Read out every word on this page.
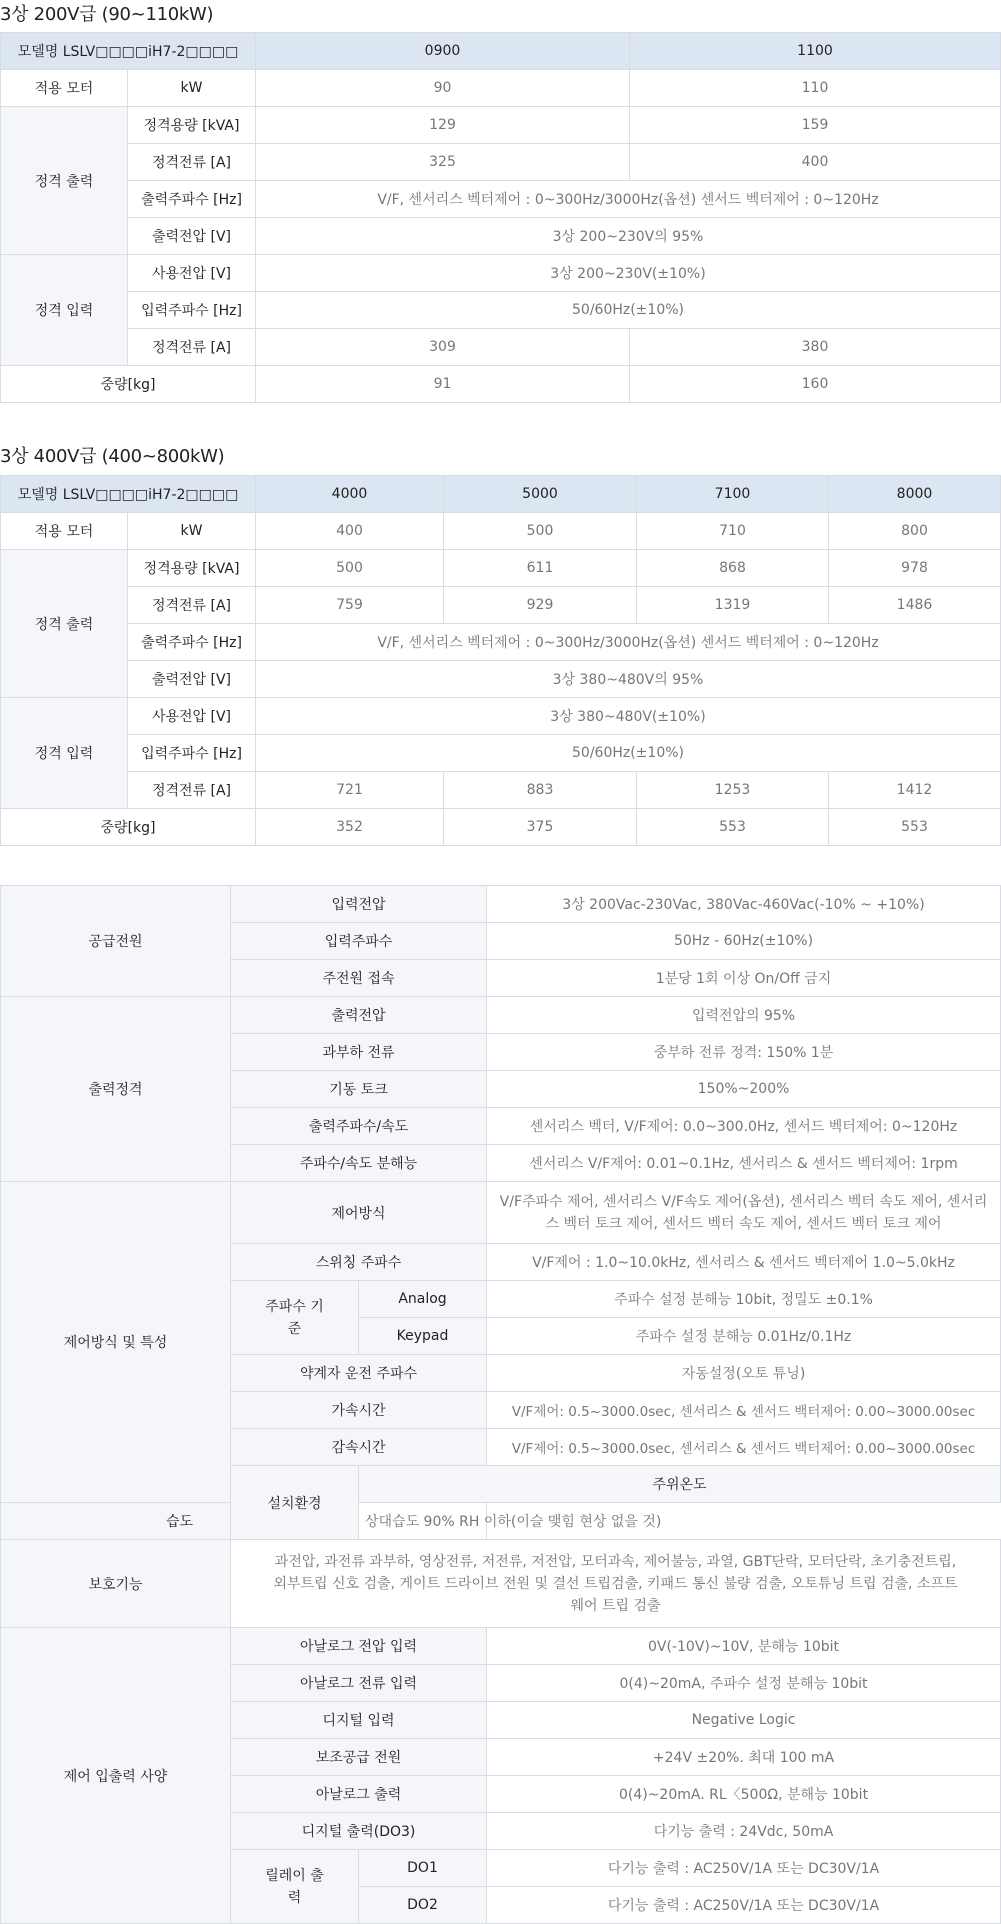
3상 200V급 (90~110kW)
모델명 LSLV□□□□iH7-2□□□□		0900	1100
적용 모터	kW	90	110
정격 출력	정격용량 [kVA]	129	159
	정격전류 [A]	325	400
	출력주파수 [Hz]	V/F, 센서리스 벡터제어 : 0~300Hz/3000Hz(옵션) 센서드 벡터제어 : 0~120Hz	
	출력전압 [V]	3상 200~230V의 95%	
정격 입력	사용전압 [V]	3상 200~230V(±10%)	
	입력주파수 [Hz]	50/60Hz(±10%)	
	정격전류 [A]	309	380
중량[kg]		91	160
3상 400V급 (400~800kW)
모델명 LSLV□□□□iH7-2□□□□		4000	5000	7100	8000
적용 모터	kW	400	500	710	800
정격 출력	정격용량 [kVA]	500	611	868	978
	정격전류 [A]	759	929	1319	1486
	출력주파수 [Hz]	V/F, 센서리스 벡터제어 : 0~300Hz/3000Hz(옵션) 센서드 벡터제어 : 0~120Hz			
	출력전압 [V]	3상 380~480V의 95%			
정격 입력	사용전압 [V]	3상 380~480V(±10%)			
	입력주파수 [Hz]	50/60Hz(±10%)			
	정격전류 [A]	721	883	1253	1412
중량[kg]		352	375	553	553
공급전원	입력전압		3상 200Vac-230Vac, 380Vac-460Vac(-10% ~ +10%)	
	입력주파수		50Hz - 60Hz(±10%)	
	주전원 접속		1분당 1회 이상 On/Off 금지	
출력정격	출력전압		입력전압의 95%	
	과부하 전류		중부하 전류 정격: 150% 1분	
	기동 토크		150%~200%	
	출력주파수/속도		센서리스 벡터, V/F제어: 0.0~300.0Hz, 센서드 벡터제어: 0~120Hz	
	주파수/속도 분해능		센서리스 V/F제어: 0.01~0.1Hz, 센서리스 & 센서드 벡터제어: 1rpm	
제어방식 및 특성	제어방식		V/F주파수 제어, 센서리스 V/F속도 제어(옵션), 센서리스 벡터 속도 제어, 센서리스 벡터 토크 제어, 센서드 벡터 속도 제어, 센서드 벡터 토크 제어	
	스위칭 주파수		V/F제어 : 1.0~10.0kHz, 센서리스 & 센서드 벡터제어 1.0~5.0kHz	
	주파수 기준	Analog	주파수 설정 분해능 10bit, 정밀도 ±0.1%	
		Keypad	주파수 설정 분해능 0.01Hz/0.1Hz	
	약계자 운전 주파수		자동설정(오토 튜닝)	
	가속시간		V/F제어: 0.5~3000.0sec, 센서리스 & 센서드 백터제어: 0.00~3000.00sec	
	감속시간		V/F제어: 0.5~3000.0sec, 센서리스 & 센서드 백터제어: 0.00~3000.00sec	
	설치환경	주위온도	
습도		상대습도 90% RH 이하(이슬 맺힘 현상 없을 것)		
보호기능	과전압, 과전류 과부하, 영상전류, 저전류, 저전압, 모터과속, 제어불능, 과열, GBT단락, 모터단락, 초기충전트립, 외부트립 신호 검출, 게이트 드라이브 전원 및 결선 트립검출, 키패드 통신 불량 검출, 오토튜닝 트립 검출, 소프트웨어 트립 검출			
제어 입출력 사양	아날로그 전압 입력		0V(-10V)~10V, 분해능 10bit	
	아날로그 전류 입력		0(4)~20mA, 주파수 설정 분해능 10bit	
	디지털 입력		Negative Logic	
	보조공급 전원		+24V ±20%. 최대 100 mA	
	아날로그 출력		0(4)~20mA. RL〈500Ω, 분해능 10bit	
	디지털 출력(DO3)		다기능 출력 : 24Vdc, 50mA	
	릴레이 출력	DO1	다기능 출력 : AC250V/1A 또는 DC30V/1A	
		DO2	다기능 출력 : AC250V/1A 또는 DC30V/1A	
